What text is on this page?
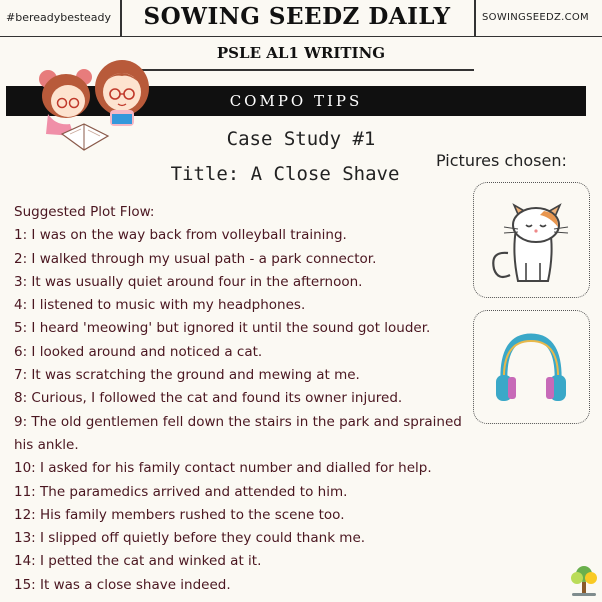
#bereadybesteady	SOWING SEEDZ DAILY	SOWINGSEEDZ.COM
PSLE AL1 WRITING
COMPO TIPS
Case Study #1
Title: A Close Shave
Pictures chosen:
Suggested Plot Flow:
1: I was on the way back from volleyball training.
2: I walked through my usual path - a park connector.
3: It was usually quiet around four in the afternoon.
4: I listened to music with my headphones.
5: I heard 'meowing' but ignored it until the sound got louder.
6: I looked around and noticed a cat.
7: It was scratching the ground and mewing at me.
8: Curious, I followed the cat and found its owner injured.
9: The old gentlemen fell down the stairs in the park and sprained his ankle.
10: I asked for his family contact number and dialled for help.
11: The paramedics arrived and attended to him.
12: His family members rushed to the scene too.
13: I slipped off quietly before they could thank me.
14: I petted the cat and winked at it.
15: It was a close shave indeed.
